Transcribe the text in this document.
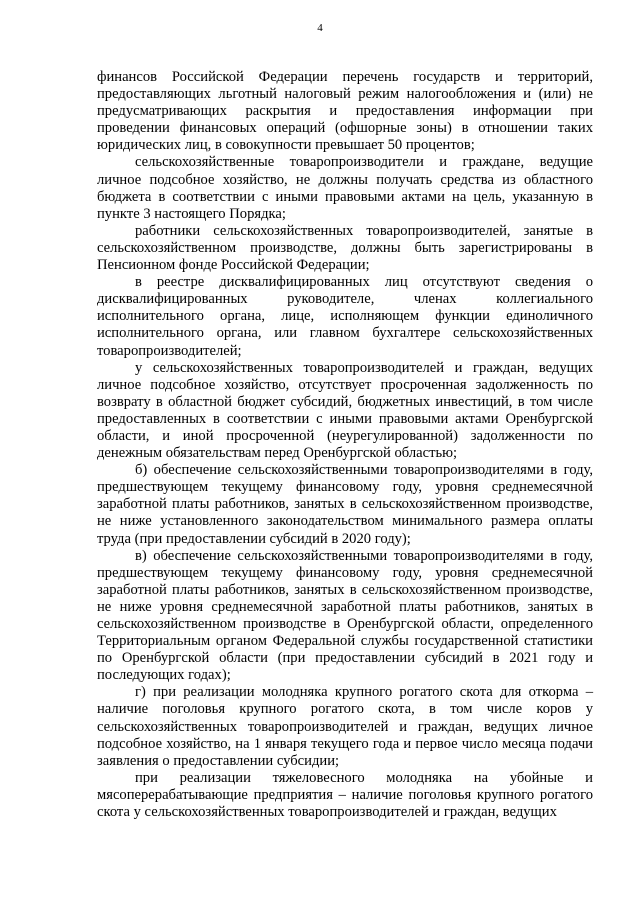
4

финансов Российской Федерации перечень государств и территорий, предоставляющих льготный налоговый режим налогообложения и (или) не предусматривающих раскрытия и предоставления информации при проведении финансовых операций (офшорные зоны) в отношении таких юридических лиц, в совокупности превышает 50 процентов;

сельскохозяйственные товаропроизводители и граждане, ведущие личное подсобное хозяйство, не должны получать средства из областного бюджета в соответствии с иными правовыми актами на цель, указанную в пункте 3 настоящего Порядка;

работники сельскохозяйственных товаропроизводителей, занятые в сельскохозяйственном производстве, должны быть зарегистрированы в Пенсионном фонде Российской Федерации;

в реестре дисквалифицированных лиц отсутствуют сведения о дисквалифицированных руководителе, членах коллегиального исполнительного органа, лице, исполняющем функции единоличного исполнительного органа, или главном бухгалтере сельскохозяйственных товаропроизводителей;

у сельскохозяйственных товаропроизводителей и граждан, ведущих личное подсобное хозяйство, отсутствует просроченная задолженность по возврату в областной бюджет субсидий, бюджетных инвестиций, в том числе предоставленных в соответствии с иными правовыми актами Оренбургской области, и иной просроченной (неурегулированной) задолженности по денежным обязательствам перед Оренбургской областью;

б) обеспечение сельскохозяйственными товаропроизводителями в году, предшествующем текущему финансовому году, уровня среднемесячной заработной платы работников, занятых в сельскохозяйственном производстве, не ниже установленного законодательством минимального размера оплаты труда (при предоставлении субсидий в 2020 году);

в) обеспечение сельскохозяйственными товаропроизводителями в году, предшествующем текущему финансовому году, уровня среднемесячной заработной платы работников, занятых в сельскохозяйственном производстве, не ниже уровня среднемесячной заработной платы работников, занятых в сельскохозяйственном производстве в Оренбургской области, определенного Территориальным органом Федеральной службы государственной статистики по Оренбургской области (при предоставлении субсидий в 2021 году и последующих годах);

г) при реализации молодняка крупного рогатого скота для откорма – наличие поголовья крупного рогатого скота, в том числе коров у сельскохозяйственных товаропроизводителей и граждан, ведущих личное подсобное хозяйство, на 1 января текущего года и первое число месяца подачи заявления о предоставлении субсидии;

при реализации тяжеловесного молодняка на убойные и мясоперерабатывающие предприятия – наличие поголовья крупного рогатого скота у сельскохозяйственных товаропроизводителей и граждан, ведущих
